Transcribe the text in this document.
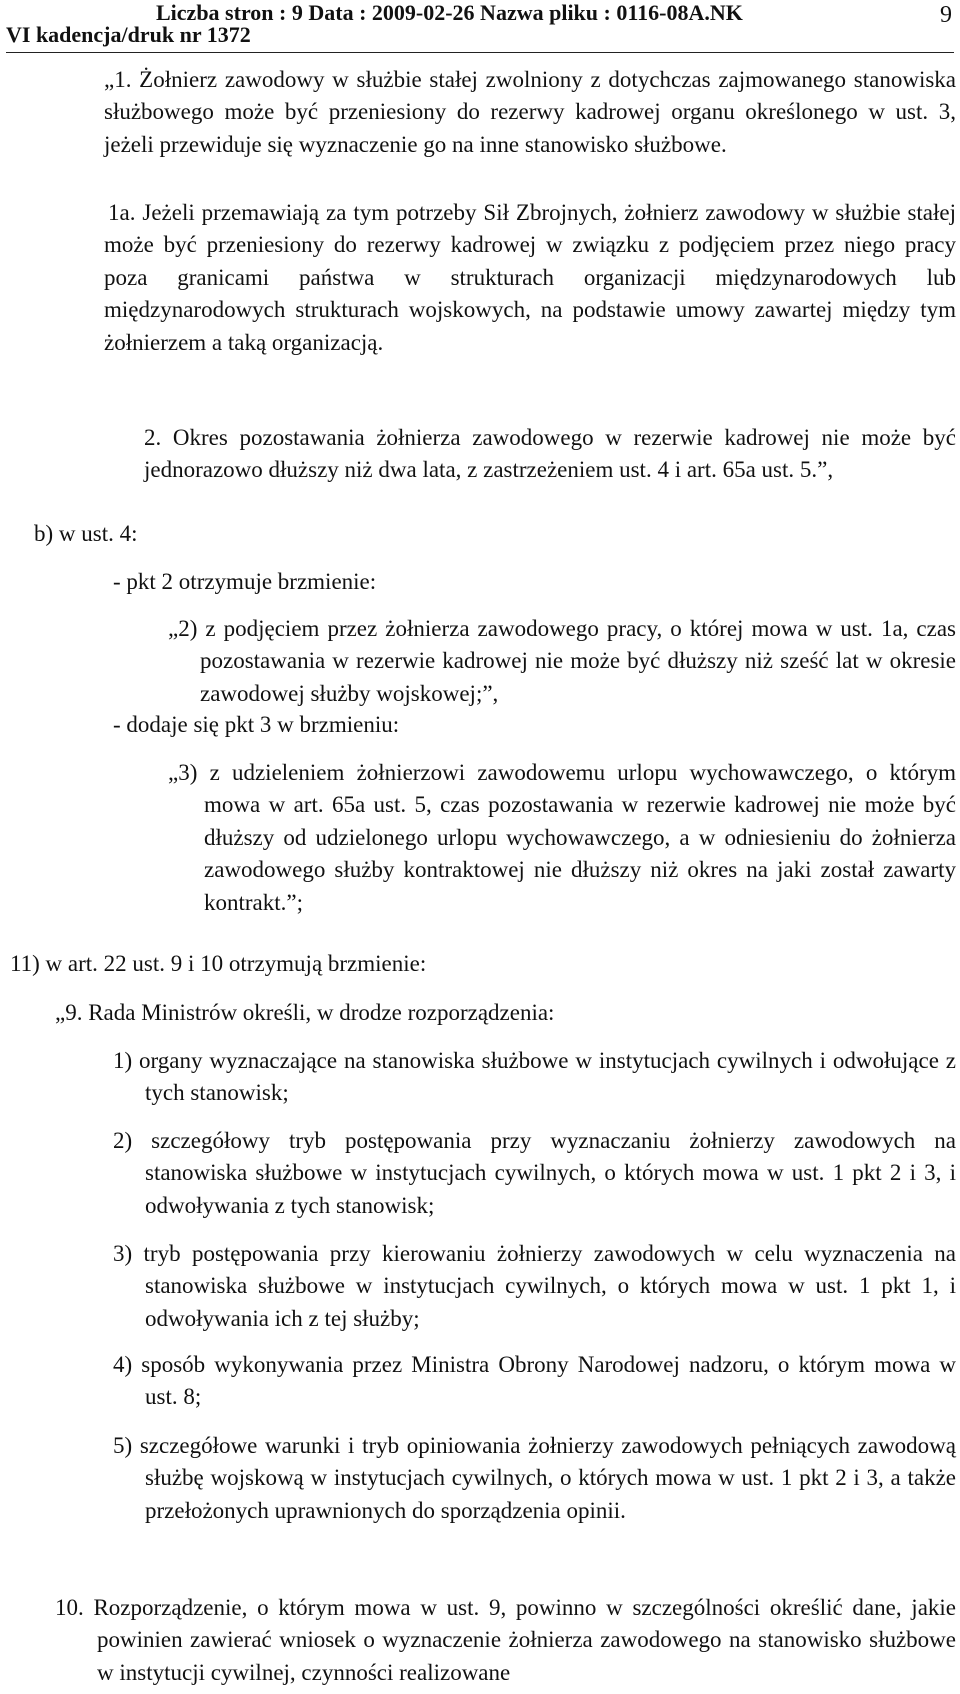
Liczba stron : 9 Data : 2009-02-26 Nazwa pliku : 0116-08A.NK
VI kadencja/druk nr 1372
9

„1. Żołnierz zawodowy w służbie stałej zwolniony z dotychczas zajmowanego stanowiska służbowego może być przeniesiony do rezerwy kadrowej organu określonego w ust. 3, jeżeli przewiduje się wyznaczenie go na inne stanowisko służbowe.

1a. Jeżeli przemawiają za tym potrzeby Sił Zbrojnych, żołnierz zawodowy w służbie stałej może być przeniesiony do rezerwy kadrowej w związku z podjęciem przez niego pracy poza granicami państwa w strukturach organizacji międzynarodowych lub międzynarodowych strukturach wojskowych, na podstawie umowy zawartej między tym żołnierzem a taką organizacją.

2. Okres pozostawania żołnierza zawodowego w rezerwie kadrowej nie może być jednorazowo dłuższy niż dwa lata, z zastrzeżeniem ust. 4 i art. 65a ust. 5.”,

b) w ust. 4:

- pkt 2 otrzymuje brzmienie:

„2) z podjęciem przez żołnierza zawodowego pracy, o której mowa w ust. 1a, czas pozostawania w rezerwie kadrowej nie może być dłuższy niż sześć lat w okresie zawodowej służby wojskowej;”,

- dodaje się pkt 3 w brzmieniu:

„3) z udzieleniem żołnierzowi zawodowemu urlopu wychowawczego, o którym mowa w art. 65a ust. 5, czas pozostawania w rezerwie kadrowej nie może być dłuższy od udzielonego urlopu wychowawczego, a w odniesieniu do żołnierza zawodowego służby kontraktowej nie dłuższy niż okres na jaki został zawarty kontrakt.”;

11) w art. 22 ust. 9 i 10 otrzymują brzmienie:

„9. Rada Ministrów określi, w drodze rozporządzenia:

1) organy wyznaczające na stanowiska służbowe w instytucjach cywilnych i odwołujące z tych stanowisk;

2) szczegółowy tryb postępowania przy wyznaczaniu żołnierzy zawodowych na stanowiska służbowe w instytucjach cywilnych, o których mowa w ust. 1 pkt 2 i 3, i odwoływania z tych stanowisk;

3) tryb postępowania przy kierowaniu żołnierzy zawodowych w celu wyznaczenia na stanowiska służbowe w instytucjach cywilnych, o których mowa w ust. 1 pkt 1, i odwoływania ich z tej służby;

4) sposób wykonywania przez Ministra Obrony Narodowej nadzoru, o którym mowa w ust. 8;

5) szczegółowe warunki i tryb opiniowania żołnierzy zawodowych pełniących zawodową służbę wojskową w instytucjach cywilnych, o których mowa w ust. 1 pkt 2 i 3, a także przełożonych uprawnionych do sporządzenia opinii.

10. Rozporządzenie, o którym mowa w ust. 9, powinno w szczególności określić dane, jakie powinien zawierać wniosek o wyznaczenie żołnierza zawodowego na stanowisko służbowe w instytucji cywilnej, czynności realizowane
